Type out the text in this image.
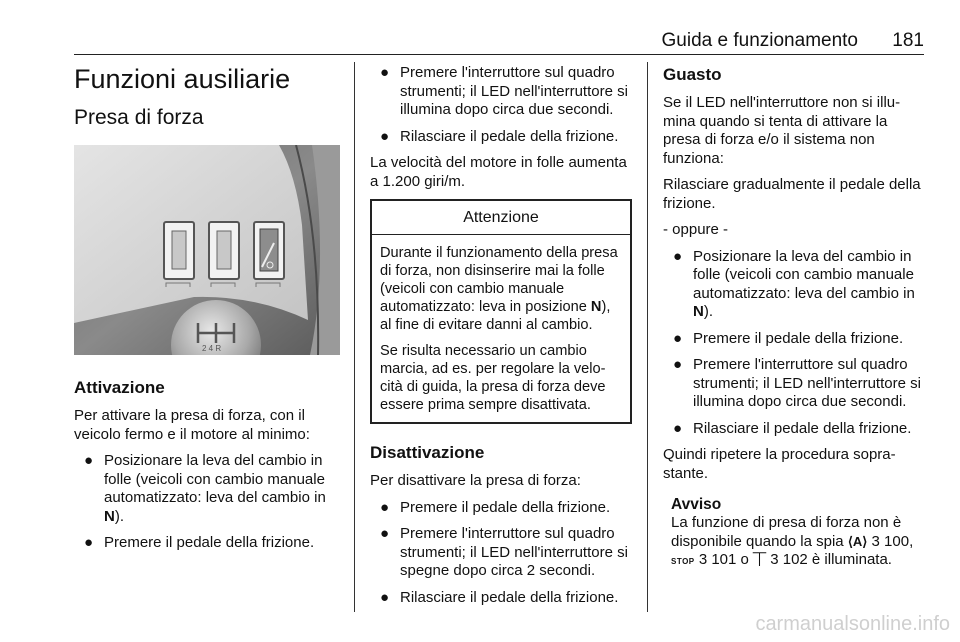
Guida e funzionamento 181
Funzioni ausiliarie
Presa di forza
2 4 R
Attivazione

Per attivare la presa di forza, con il veicolo fermo e il motore al minimo:

● Posizionare la leva del cambio in folle (veicoli con cambio manuale automatizzato: leva del cambio in N).
● Premere il pedale della frizione.
● Premere l'interruttore sul quadro strumenti; il LED nell'interruttore si illumina dopo circa due secondi.
● Rilasciare il pedale della frizione.

La velocità del motore in folle aumenta a 1.200 giri/m.

Attenzione

Durante il funzionamento della presa di forza, non disinserire mai la folle (veicoli con cambio manuale automatizzato: leva in posizione N), al fine di evitare danni al cambio.

Se risulta necessario un cambio marcia, ad es. per regolare la velo-cità di guida, la presa di forza deve essere prima sempre disattivata.

Disattivazione

Per disattivare la presa di forza:

● Premere il pedale della frizione.
● Premere l'interruttore sul quadro strumenti; il LED nell'interruttore si spegne dopo circa 2 secondi.
● Rilasciare il pedale della frizione.
Guasto

Se il LED nell'interruttore non si illu-mina quando si tenta di attivare la presa di forza e/o il sistema non funziona:

Rilasciare gradualmente il pedale della frizione.

- oppure -

● Posizionare la leva del cambio in folle (veicoli con cambio manuale automatizzato: leva del cambio in N).
● Premere il pedale della frizione.
● Premere l'interruttore sul quadro strumenti; il LED nell'interruttore si illumina dopo circa due secondi.
● Rilasciare il pedale della frizione.

Quindi ripetere la procedura sopra-stante.

Avviso

La funzione di presa di forza non è disponibile quando la spia ⟨A⟩ 3 100, STOP 3 101 o ⏉ 3 102 è illuminata.

carmanualsonline.info
